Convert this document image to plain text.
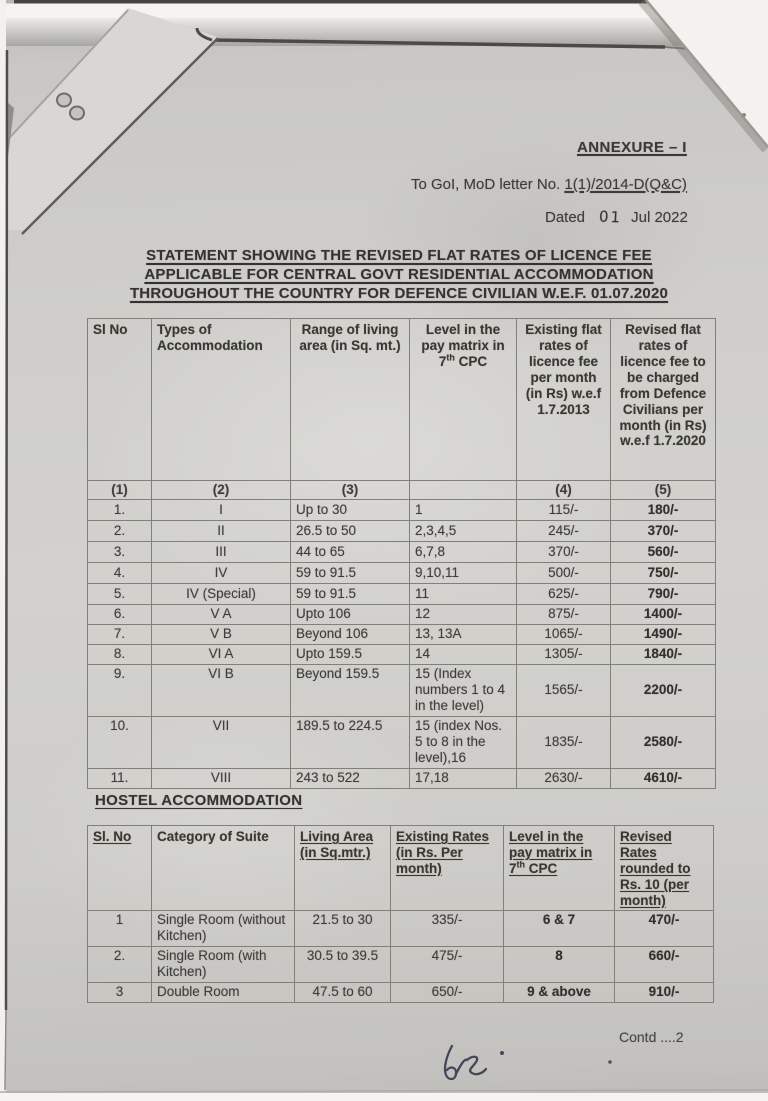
ANNEXURE – I
To GoI, MoD letter No. 1(1)/2014-D(Q&C)
Dated 01 Jul 2022
STATEMENT SHOWING THE REVISED FLAT RATES OF LICENCE FEE
APPLICABLE FOR CENTRAL GOVT RESIDENTIAL ACCOMMODATION
THROUGHOUT THE COUNTRY FOR DEFENCE CIVILIAN W.E.F. 01.07.2020
Sl No	Types of Accommodation	Range of living area (in Sq. mt.)	Level in the pay matrix in 7th CPC	Existing flat rates of licence fee per month (in Rs) w.e.f 1.7.2013	Revised flat rates of licence fee to be charged from Defence Civilians per month (in Rs) w.e.f 1.7.2020
(1)	(2)	(3)		(4)	(5)
1.	I	Up to 30	1	115/-	180/-
2.	II	26.5 to 50	2,3,4,5	245/-	370/-
3.	III	44 to 65	6,7,8	370/-	560/-
4.	IV	59 to 91.5	9,10,11	500/-	750/-
5.	IV (Special)	59 to 91.5	11	625/-	790/-
6.	V A	Upto 106	12	875/-	1400/-
7.	V B	Beyond 106	13, 13A	1065/-	1490/-
8.	VI A	Upto 159.5	14	1305/-	1840/-
9.	VI B	Beyond 159.5	15 (Index numbers 1 to 4 in the level)	1565/-	2200/-
10.	VII	189.5 to 224.5	15 (index Nos. 5 to 8 in the level),16	1835/-	2580/-
11.	VIII	243 to 522	17,18	2630/-	4610/-
HOSTEL ACCOMMODATION
Sl. No	Category of Suite	Living Area (in Sq.mtr.)	Existing Rates (in Rs. Per month)	Level in the pay matrix in 7th CPC	Revised Rates rounded to Rs. 10 (per month)
1	Single Room (without Kitchen)	21.5 to 30	335/-	6 & 7	470/-
2.	Single Room (with Kitchen)	30.5 to 39.5	475/-	8	660/-
3	Double Room	47.5 to 60	650/-	9 & above	910/-
Contd ....2
